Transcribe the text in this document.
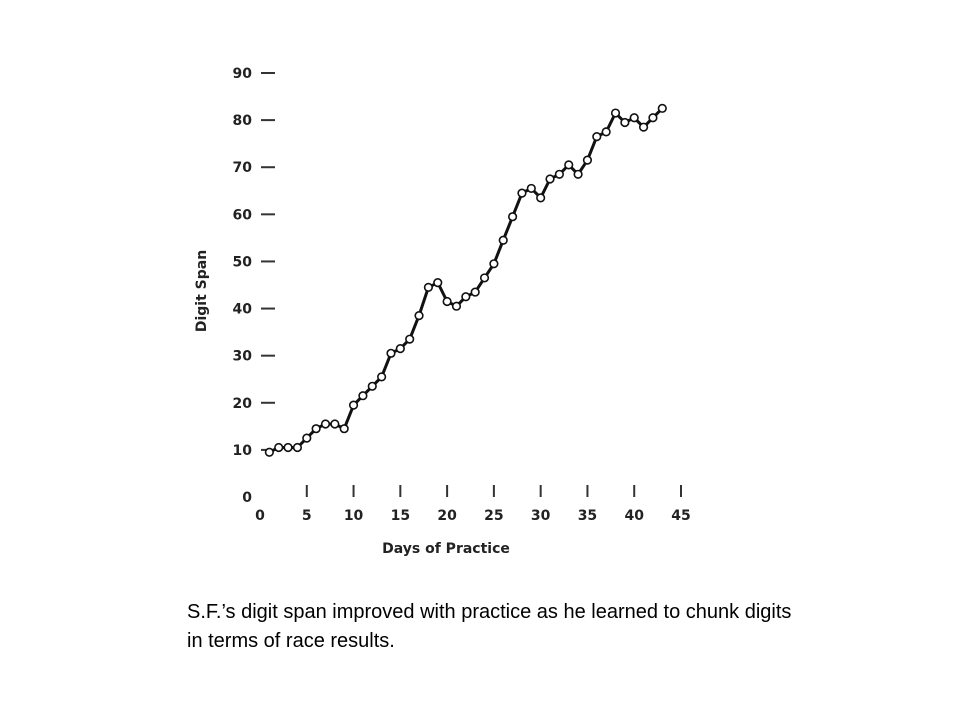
0
10
20
30
40
50
60
70
80
90
0	5 10 15 20 25 30 35 40 45
Digit Span
Days of Practice

S.F.’s digit span improved with practice as he learned to chunk digits in terms of race results.
